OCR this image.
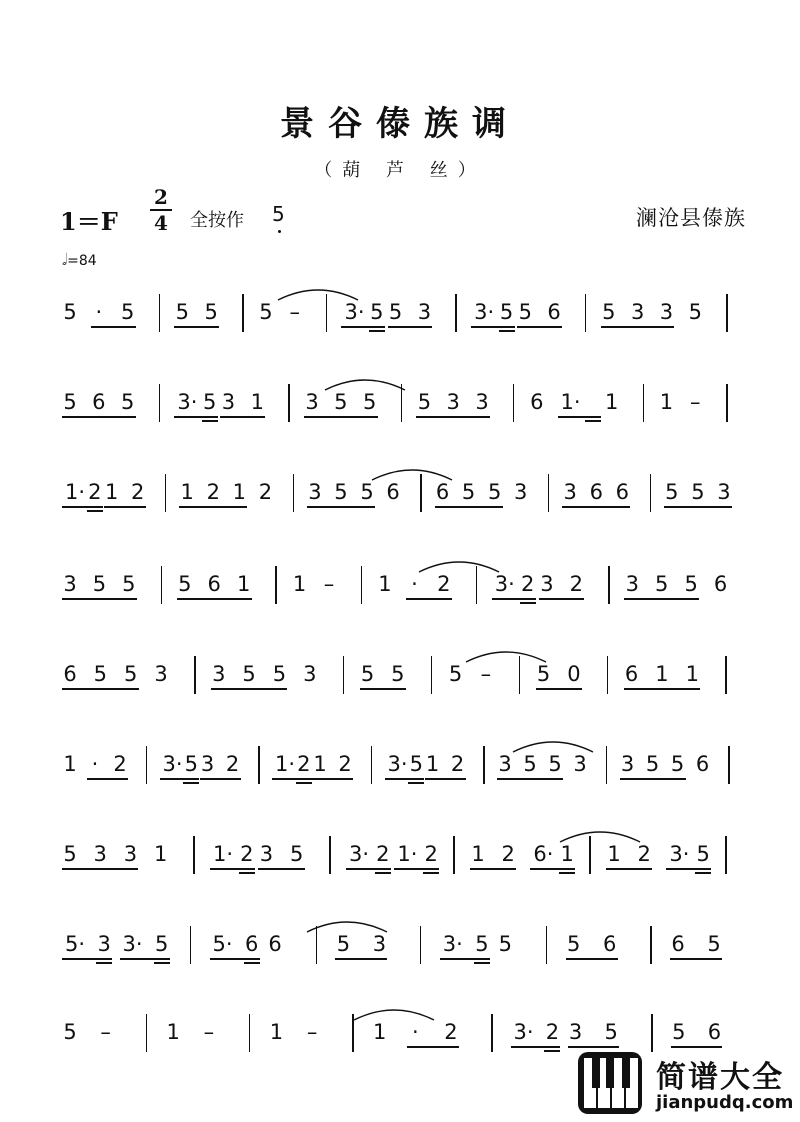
景谷傣族调
（葫 芦 丝）
1＝F
2
4 全按作 5	澜沧县傣族
𝅗𝅥=84
5 · 5 5 5 5 – 3· 5 5 3 3· 5 5 6 5 3 3 5
5 6 5 3· 5 3 1 3 5 5 5 3 3 6 1· 1 1 –
1· 2 1 2 1 2 1 2 3 5 5 6 6 5 5 3 3 6 6 5 5 3
3 5 5 5 6 1 1 – 1 · 2 3· 2 3 2 3 5 5 6
6 5 5 3 3 5 5 3 5 5 5 – 5 0 6 1 1
1 · 2 3· 5 3 2 1· 2 1 2 3· 5 1 2 3 5 5 3 3 5 5 6
5 3 3 1 1· 2 3 5 3· 2 1· 2 1 2 6· 1 1 2 3· 5
5· 3 3· 5 5· 6 6	5 3	3· 5 5	5 6	6 5
5 –	1 –	1 –	1 · 2	3· 2 3 5	5 6
简谱大全
jianpudq.com
